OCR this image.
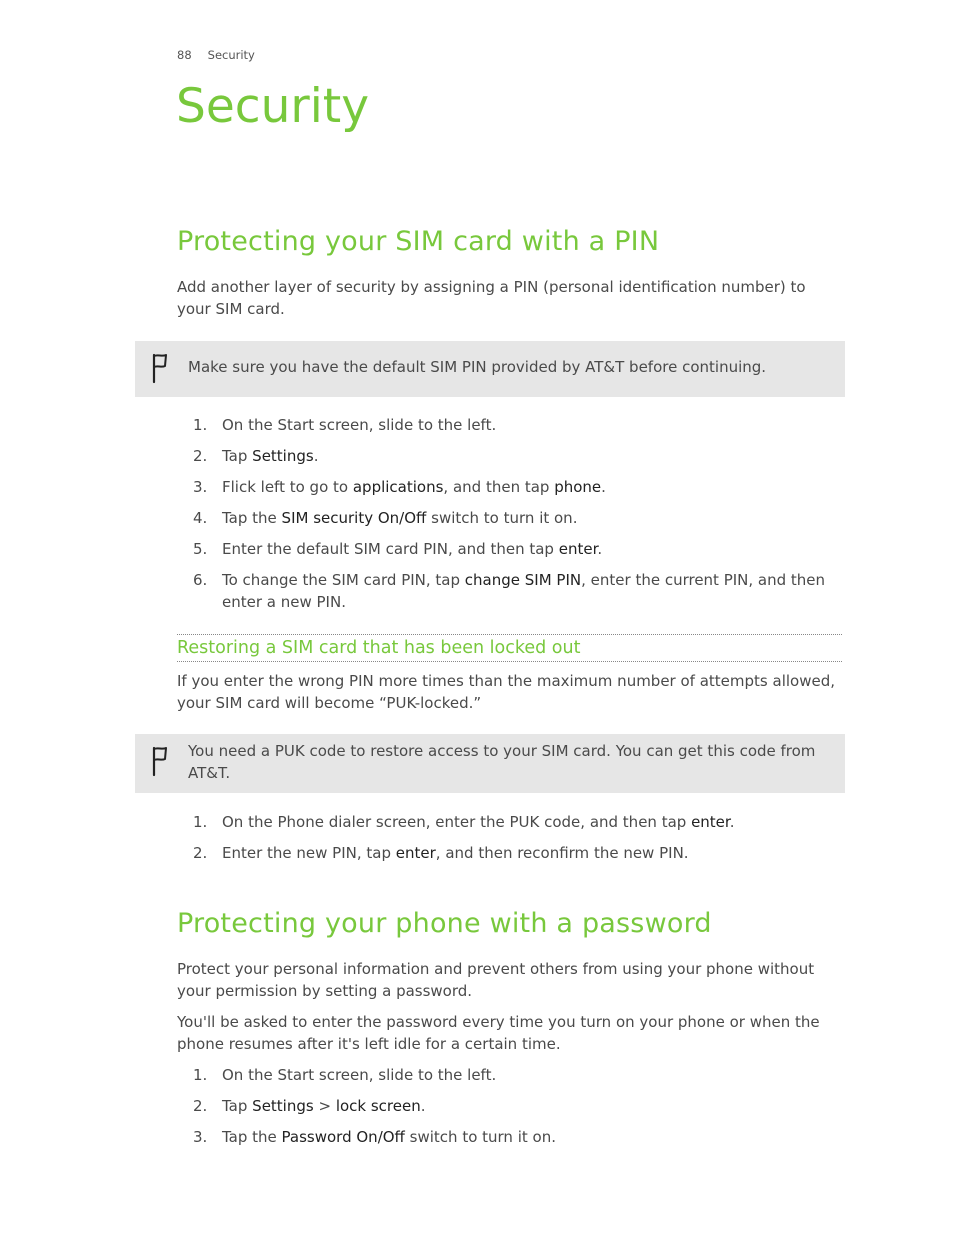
88 Security
Security
Protecting your SIM card with a PIN

Add another layer of security by assigning a PIN (personal identification number) to your SIM card.

Make sure you have the default SIM PIN provided by AT&T before continuing.
1. On the Start screen, slide to the left.
2. Tap Settings.
3. Flick left to go to applications, and then tap phone.
4. Tap the SIM security On/Off switch to turn it on.
5. Enter the default SIM card PIN, and then tap enter.
6. To change the SIM card PIN, tap change SIM PIN, enter the current PIN, and then enter a new PIN.
Restoring a SIM card that has been locked out

If you enter the wrong PIN more times than the maximum number of attempts allowed, your SIM card will become “PUK-locked.”

You need a PUK code to restore access to your SIM card. You can get this code from AT&T.
1. On the Phone dialer screen, enter the PUK code, and then tap enter.
2. Enter the new PIN, tap enter, and then reconfirm the new PIN.
Protecting your phone with a password

Protect your personal information and prevent others from using your phone without your permission by setting a password.

You'll be asked to enter the password every time you turn on your phone or when the phone resumes after it's left idle for a certain time.

1. On the Start screen, slide to the left.
2. Tap Settings > lock screen.
3. Tap the Password On/Off switch to turn it on.
